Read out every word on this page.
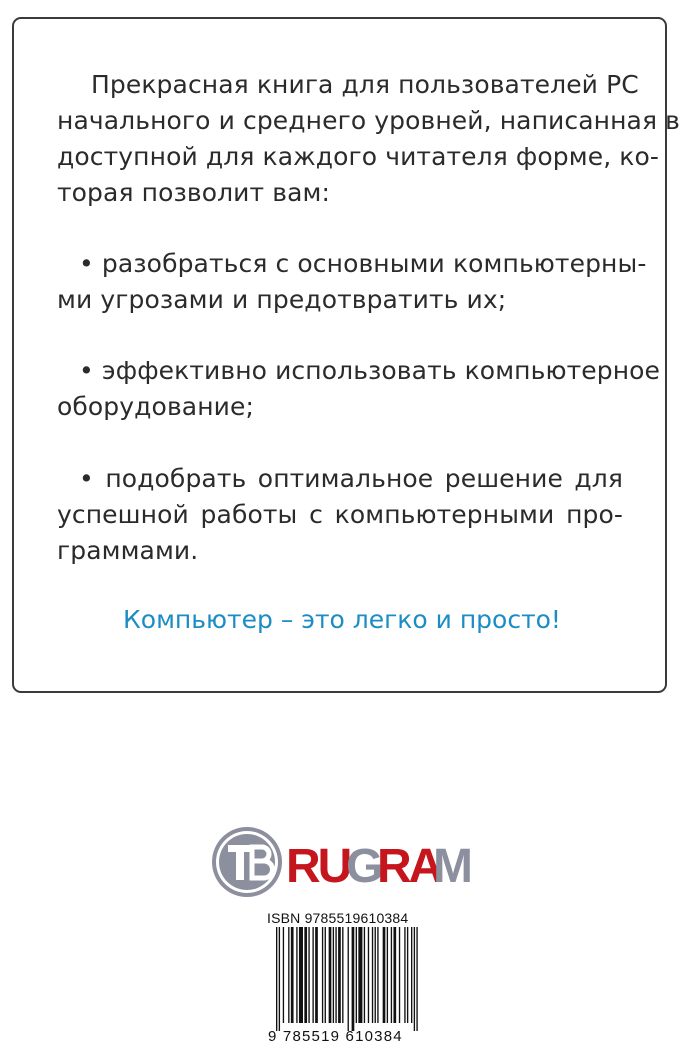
Прекрасная книга для пользователей PC
начального и среднего уровней, написанная в
доступной для каждого читателя форме, ко-
торая позволит вам:
• разобраться с основными компьютерны-
ми угрозами и предотвратить их;
• эффективно использовать компьютерное
оборудование;
• подобрать оптимальное решение для
успешной работы с компьютерными про-
граммами.
Компьютер – это легко и просто!
RU
G
RA
M
ISBN 9785519610384
9 785519 610384
